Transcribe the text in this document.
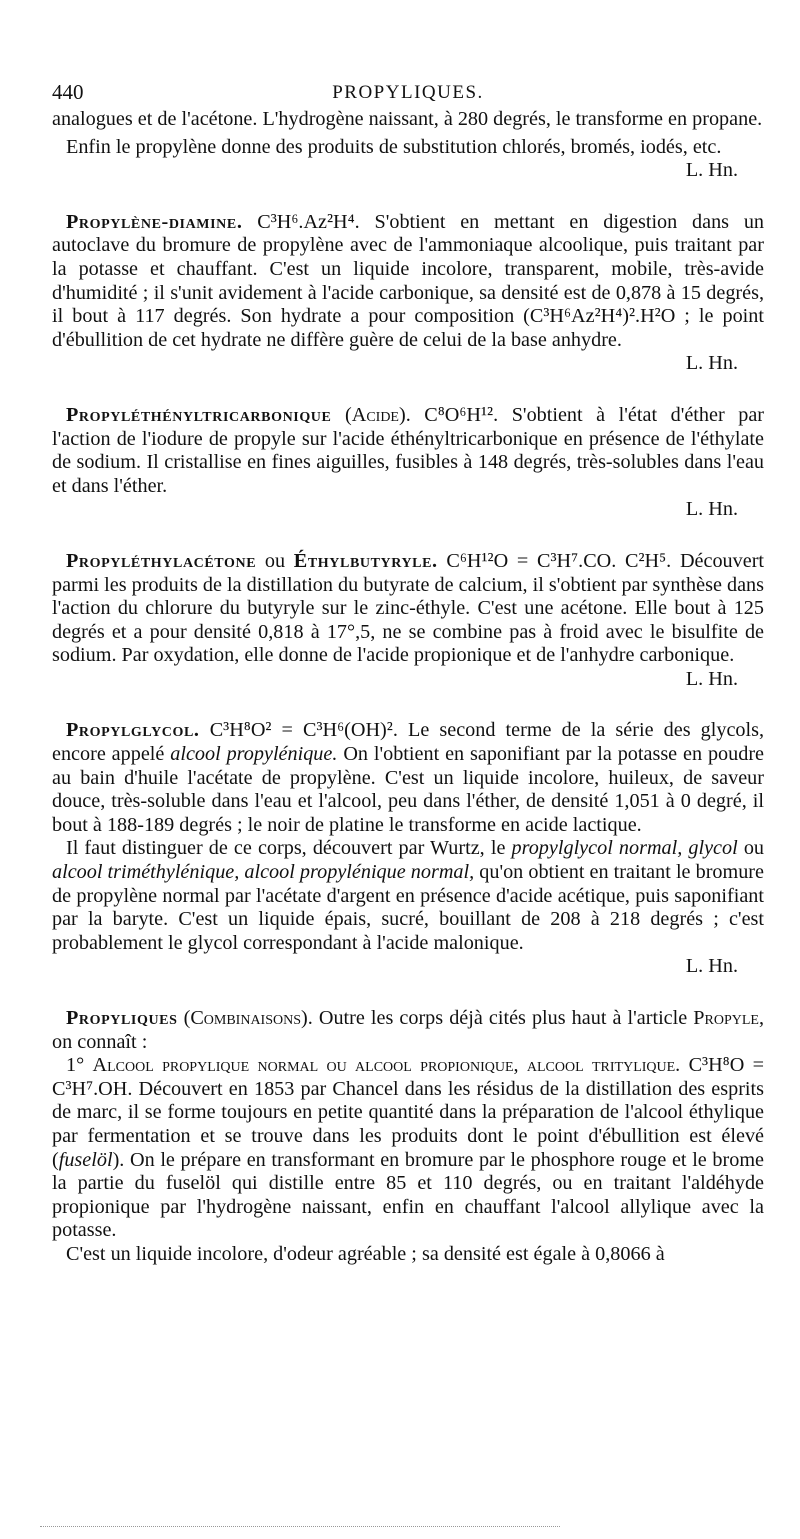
440	PROPYLIQUES.

analogues et de l'acétone. L'hydrogène naissant, à 280 degrés, le transforme en propane.

Enfin le propylène donne des produits de substitution chlorés, bromés, iodés, etc.
L. Hn.

Propylène-diamine. C³H⁶.Az²H⁴. S'obtient en mettant en digestion dans un autoclave du bromure de propylène avec de l'ammoniaque alcoolique, puis traitant par la potasse et chauffant. C'est un liquide incolore, transparent, mobile, très-avide d'humidité ; il s'unit avidement à l'acide carbonique, sa densité est de 0,878 à 15 degrés, il bout à 117 degrés. Son hydrate a pour composition (C³H⁶Az²H⁴)².H²O ; le point d'ébullition de cet hydrate ne diffère guère de celui de la base anhydre.
L. Hn.

Propyléthényltricarbonique (Acide). C⁸O⁶H¹². S'obtient à l'état d'éther par l'action de l'iodure de propyle sur l'acide éthényltricarbonique en présence de l'éthylate de sodium. Il cristallise en fines aiguilles, fusibles à 148 degrés, très-solubles dans l'eau et dans l'éther.
L. Hn.

Propyléthylacétone ou Éthylbutyryle. C⁶H¹²O = C³H⁷.CO. C²H⁵. Découvert parmi les produits de la distillation du butyrate de calcium, il s'obtient par synthèse dans l'action du chlorure du butyryle sur le zinc-éthyle. C'est une acétone. Elle bout à 125 degrés et a pour densité 0,818 à 17°,5, ne se combine pas à froid avec le bisulfite de sodium. Par oxydation, elle donne de l'acide propionique et de l'anhydre carbonique.
L. Hn.

Propylglycol. C³H⁸O² = C³H⁶(OH)². Le second terme de la série des glycols, encore appelé alcool propylénique. On l'obtient en saponifiant par la potasse en poudre au bain d'huile l'acétate de propylène. C'est un liquide incolore, huileux, de saveur douce, très-soluble dans l'eau et l'alcool, peu dans l'éther, de densité 1,051 à 0 degré, il bout à 188-189 degrés ; le noir de platine le transforme en acide lactique.

Il faut distinguer de ce corps, découvert par Wurtz, le propylglycol normal, glycol ou alcool triméthylénique, alcool propylénique normal, qu'on obtient en traitant le bromure de propylène normal par l'acétate d'argent en présence d'acide acétique, puis saponifiant par la baryte. C'est un liquide épais, sucré, bouillant de 208 à 218 degrés ; c'est probablement le glycol correspondant à l'acide malonique.
L. Hn.

Propyliques (Combinaisons). Outre les corps déjà cités plus haut à l'article Propyle, on connaît :

1° Alcool propylique normal ou alcool propionique, alcool tritylique. C³H⁸O = C³H⁷.OH. Découvert en 1853 par Chancel dans les résidus de la distillation des esprits de marc, il se forme toujours en petite quantité dans la préparation de l'alcool éthylique par fermentation et se trouve dans les produits dont le point d'ébullition est élevé (fuselöl). On le prépare en transformant en bromure par le phosphore rouge et le brome la partie du fuselöl qui distille entre 85 et 110 degrés, ou en traitant l'aldéhyde propionique par l'hydrogène naissant, enfin en chauffant l'alcool allylique avec la potasse.

C'est un liquide incolore, d'odeur agréable ; sa densité est égale à 0,8066 à
